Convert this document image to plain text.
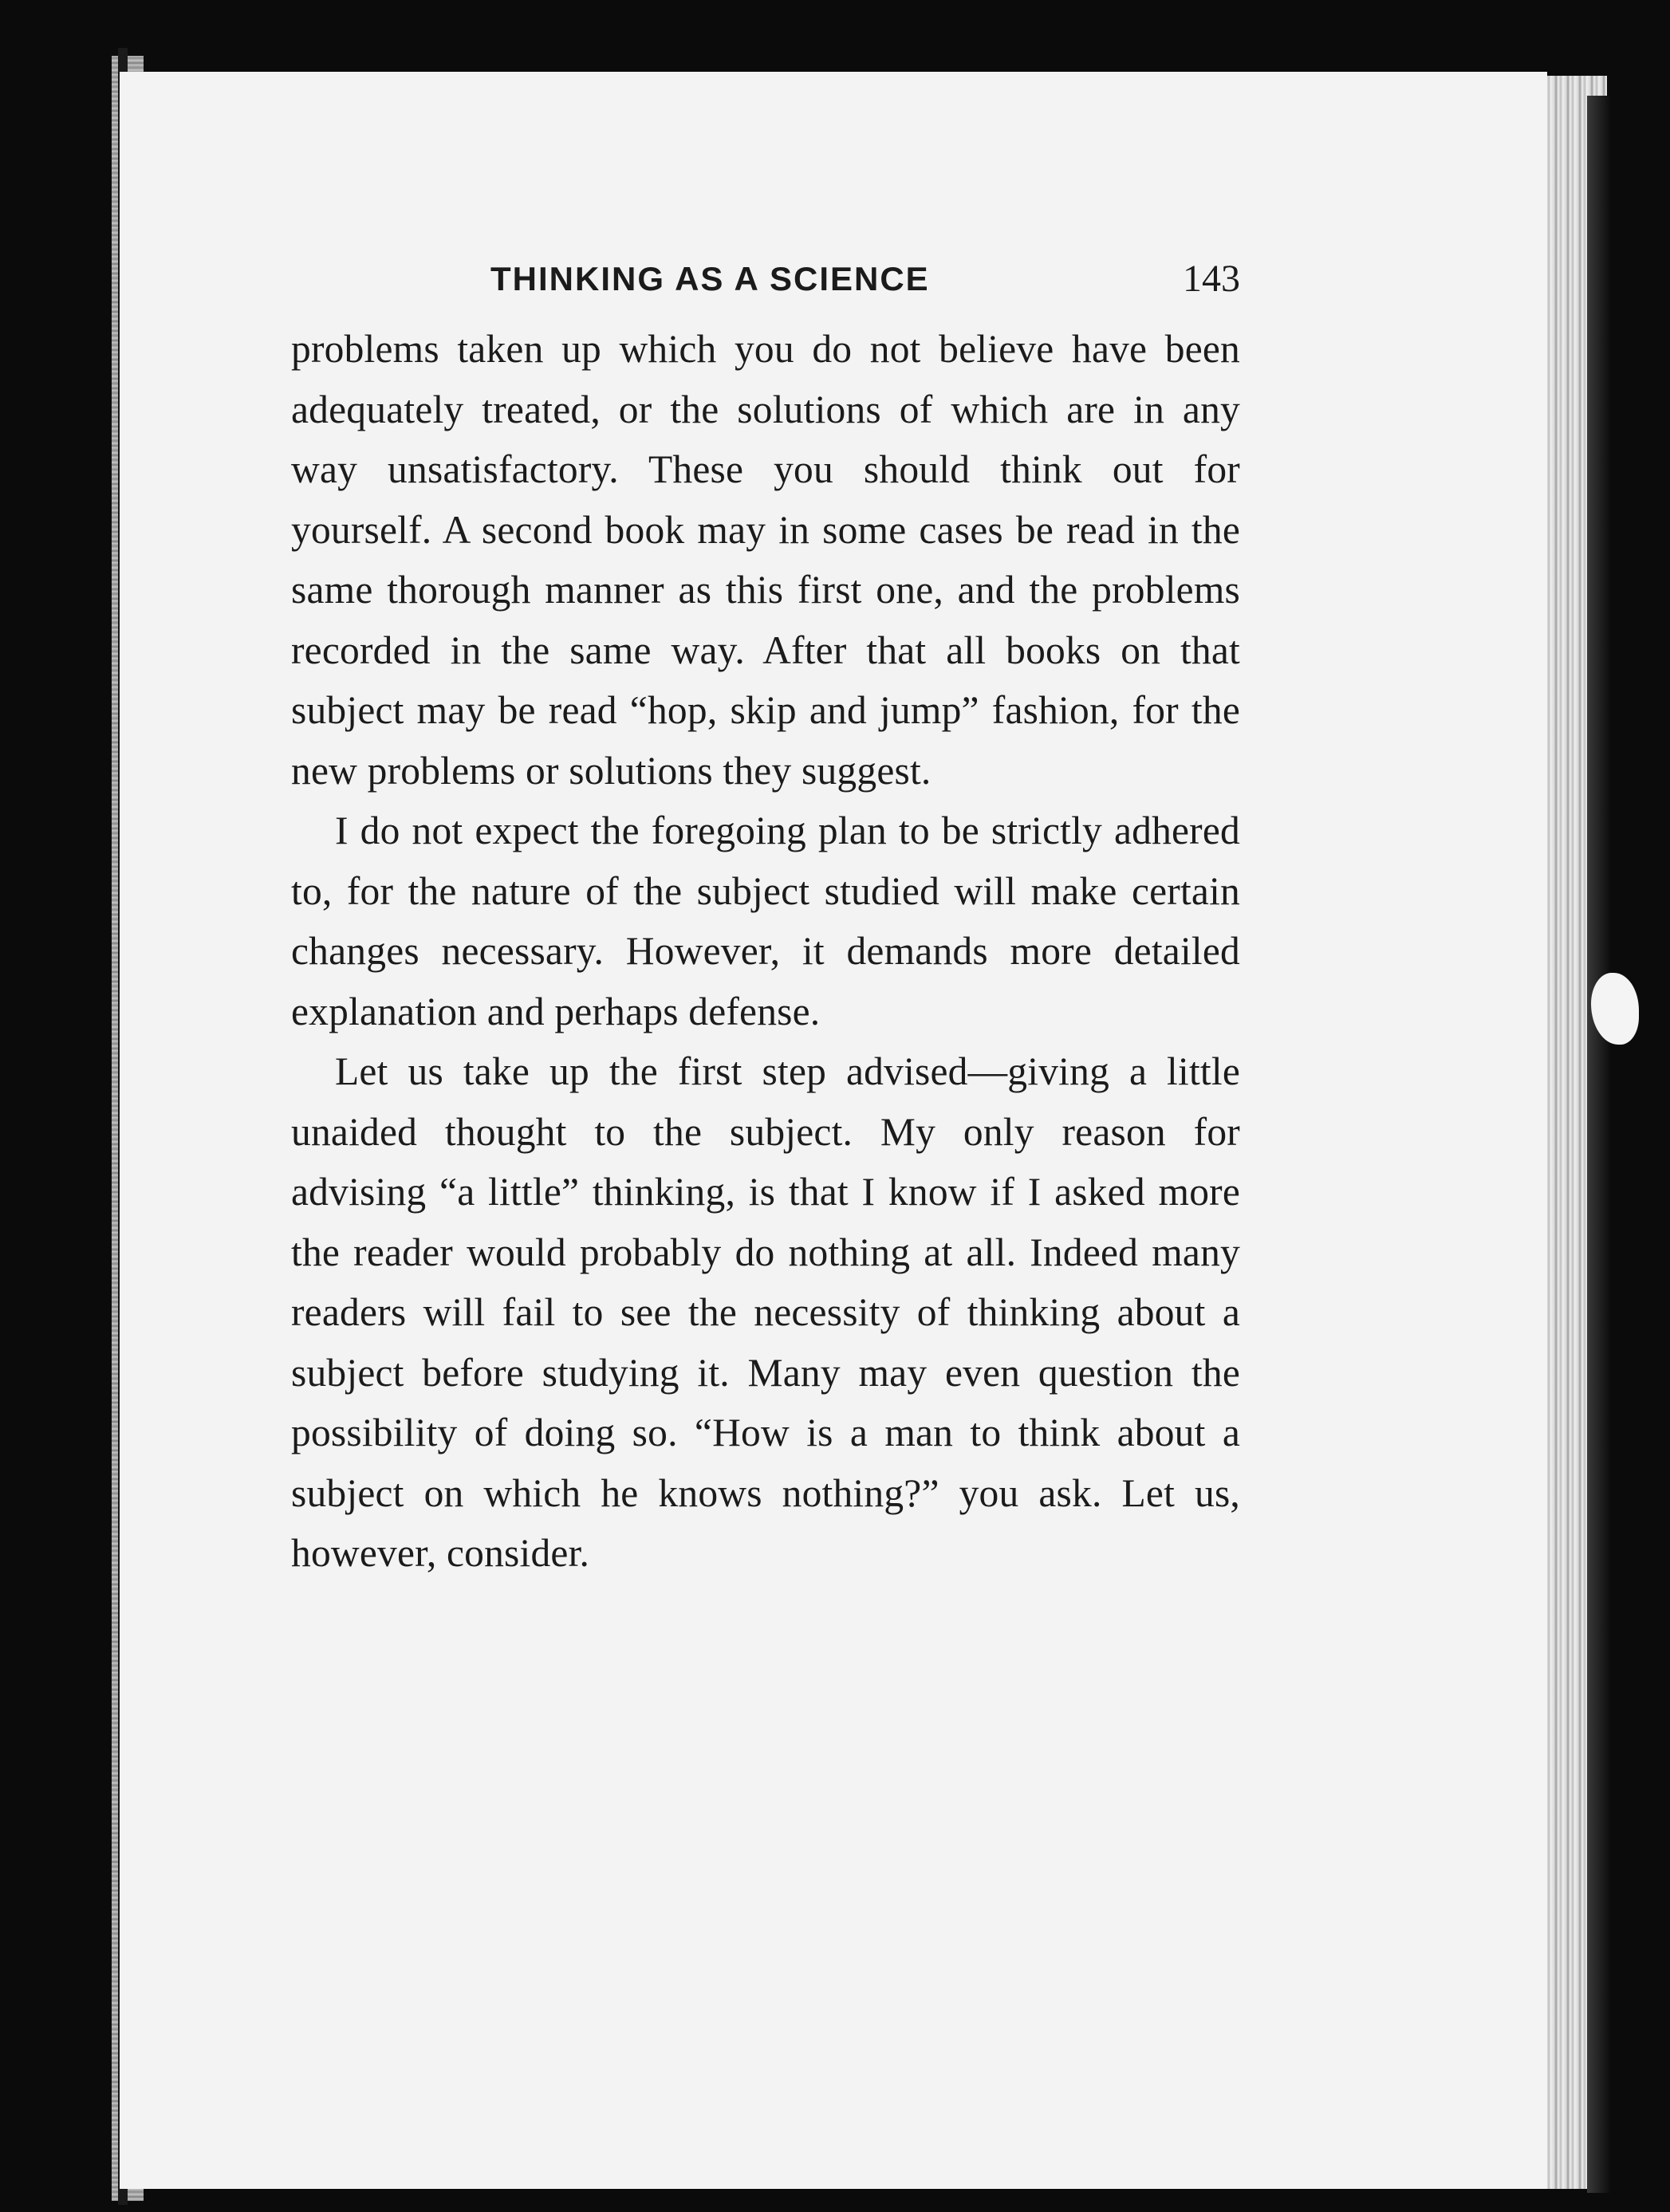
THINKING AS A SCIENCE	143

problems taken up which you do not believe have been adequately treated, or the solutions of which are in any way unsatisfactory. These you should think out for yourself. A second book may in some cases be read in the same thorough manner as this first one, and the problems recorded in the same way. After that all books on that subject may be read “hop, skip and jump” fashion, for the new problems or solutions they suggest.

I do not expect the foregoing plan to be strictly adhered to, for the nature of the subject studied will make certain changes necessary. However, it demands more detailed explanation and perhaps defense.

Let us take up the first step advised—giving a little unaided thought to the subject. My only reason for advising “a little” thinking, is that I know if I asked more the reader would probably do nothing at all. Indeed many readers will fail to see the necessity of thinking about a subject before studying it. Many may even question the possibility of doing so. “How is a man to think about a subject on which he knows nothing?” you ask. Let us, however, consider.
